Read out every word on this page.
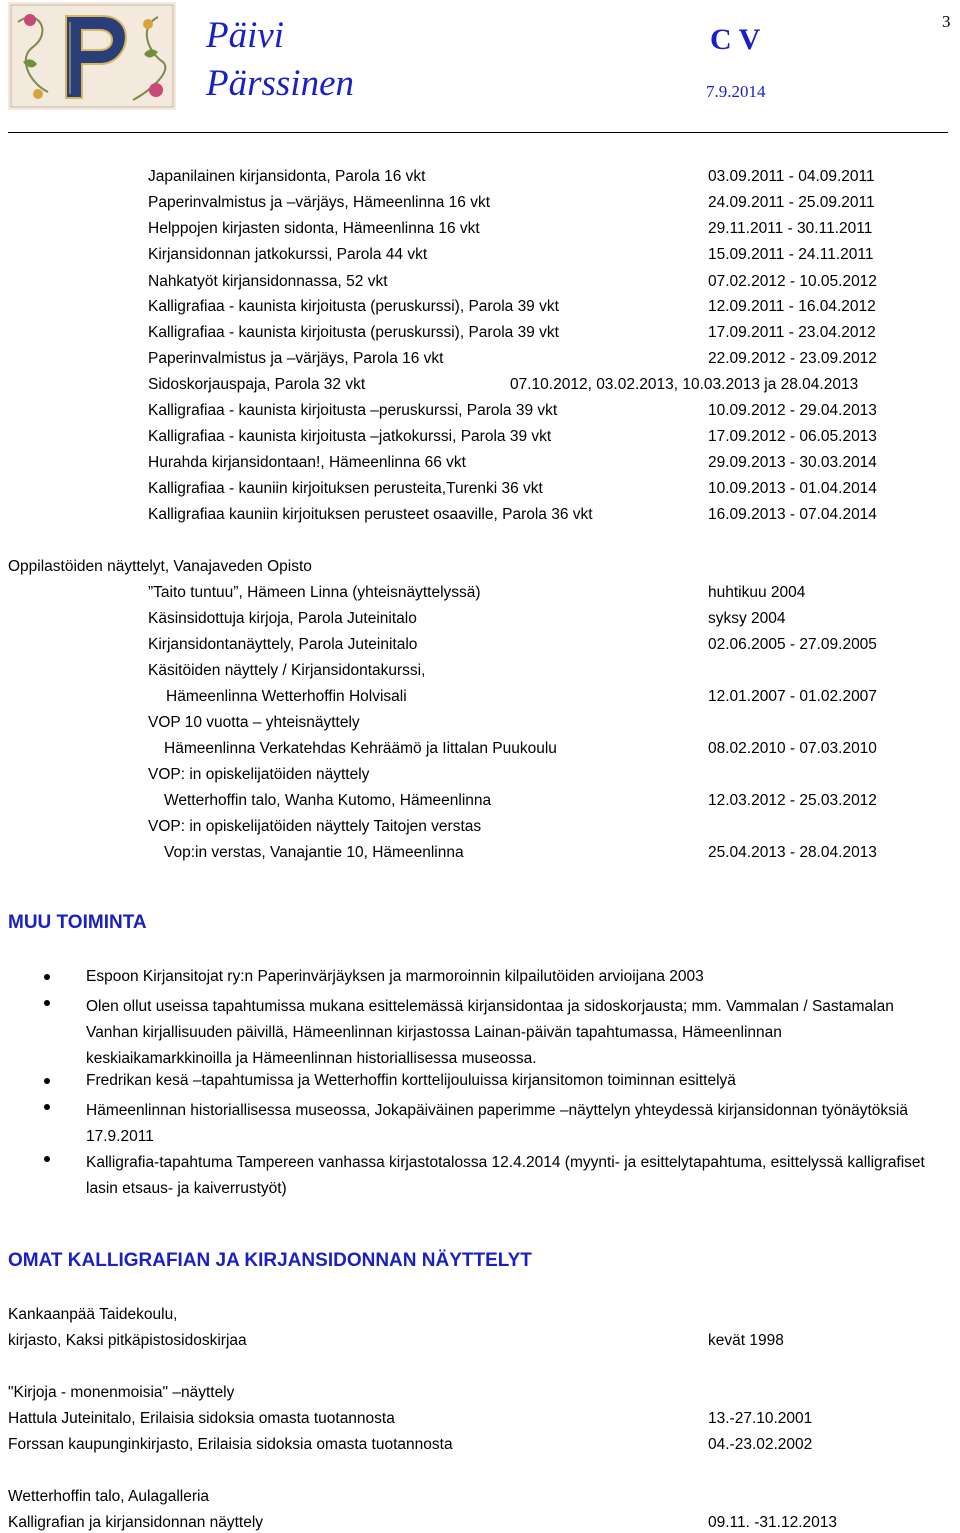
Päivi
Pärssinen
C V
7.9.2014
3
Japanilainen kirjansidonta, Parola 16 vkt	03.09.2011 - 04.09.2011
Paperinvalmistus ja –värjäys, Hämeenlinna 16 vkt	24.09.2011 - 25.09.2011
Helppojen kirjasten sidonta, Hämeenlinna 16 vkt	29.11.2011 - 30.11.2011
Kirjansidonnan jatkokurssi, Parola 44 vkt	15.09.2011 - 24.11.2011
Nahkatyöt kirjansidonnassa, 52 vkt	07.02.2012 - 10.05.2012
Kalligrafiaa - kaunista kirjoitusta (peruskurssi), Parola 39 vkt	12.09.2011 - 16.04.2012
Kalligrafiaa - kaunista kirjoitusta (peruskurssi), Parola 39 vkt	17.09.2011 - 23.04.2012
Paperinvalmistus ja –värjäys, Parola 16 vkt	22.09.2012 - 23.09.2012
Sidoskorjauspaja, Parola 32 vkt	07.10.2012, 03.02.2013, 10.03.2013 ja 28.04.2013
Kalligrafiaa - kaunista kirjoitusta –peruskurssi, Parola 39 vkt	10.09.2012 - 29.04.2013
Kalligrafiaa - kaunista kirjoitusta –jatkokurssi, Parola 39 vkt	17.09.2012 - 06.05.2013
Hurahda kirjansidontaan!, Hämeenlinna 66 vkt	29.09.2013 - 30.03.2014
Kalligrafiaa - kauniin kirjoituksen perusteita,Turenki 36 vkt	10.09.2013 - 01.04.2014
Kalligrafiaa kauniin kirjoituksen perusteet osaaville, Parola 36 vkt	16.09.2013 - 07.04.2014
Oppilastöiden näyttelyt, Vanajaveden Opisto
”Taito tuntuu”, Hämeen Linna (yhteisnäyttelyssä)	huhtikuu 2004
Käsinsidottuja kirjoja, Parola Juteinitalo	syksy 2004
Kirjansidontanäyttely, Parola Juteinitalo	02.06.2005 - 27.09.2005
Käsitöiden näyttely / Kirjansidontakurssi,
Hämeenlinna Wetterhoffin Holvisali	12.01.2007 - 01.02.2007
VOP 10 vuotta – yhteisnäyttely
Hämeenlinna Verkatehdas Kehräämö ja Iittalan Puukoulu	08.02.2010 - 07.03.2010
VOP: in opiskelijatöiden näyttely
Wetterhoffin talo, Wanha Kutomo, Hämeenlinna	12.03.2012 - 25.03.2012
VOP: in opiskelijatöiden näyttely Taitojen verstas
Vop:in verstas, Vanajantie 10, Hämeenlinna	25.04.2013 - 28.04.2013
MUU TOIMINTA
Espoon Kirjansitojat ry:n Paperinvärjäyksen ja marmoroinnin kilpailutöiden arvioijana 2003
Olen ollut useissa tapahtumissa mukana esittelemässä kirjansidontaa ja sidoskorjausta; mm. Vammalan / Sastamalan Vanhan kirjallisuuden päivillä, Hämeenlinnan kirjastossa Lainan-päivän tapahtumassa, Hämeenlinnan keskiaikamarkkinoilla ja Hämeenlinnan historiallisessa museossa.
Fredrikan kesä –tapahtumissa ja Wetterhoffin korttelijouluissa kirjansitomon toiminnan esittelyä
Hämeenlinnan historiallisessa museossa, Jokapäiväinen paperimme –näyttelyn yhteydessä kirjansidonnan työnäytöksiä 17.9.2011
Kalligrafia-tapahtuma Tampereen vanhassa kirjastotalossa 12.4.2014 (myynti- ja esittelytapahtuma, esittelyssä kalligrafiset lasin etsaus- ja kaiverrustyöt)
OMAT KALLIGRAFIAN JA KIRJANSIDONNAN NÄYTTELYT
Kankaanpää Taidekoulu,
kirjasto, Kaksi pitkäpistosidoskirjaa	kevät 1998
"Kirjoja - monenmoisia" –näyttely
Hattula Juteinitalo, Erilaisia sidoksia omasta tuotannosta	13.-27.10.2001
Forssan kaupunginkirjasto, Erilaisia sidoksia omasta tuotannosta	04.-23.02.2002
Wetterhoffin talo, Aulagalleria
Kalligrafian ja kirjansidonnan näyttely	09.11. -31.12.2013
